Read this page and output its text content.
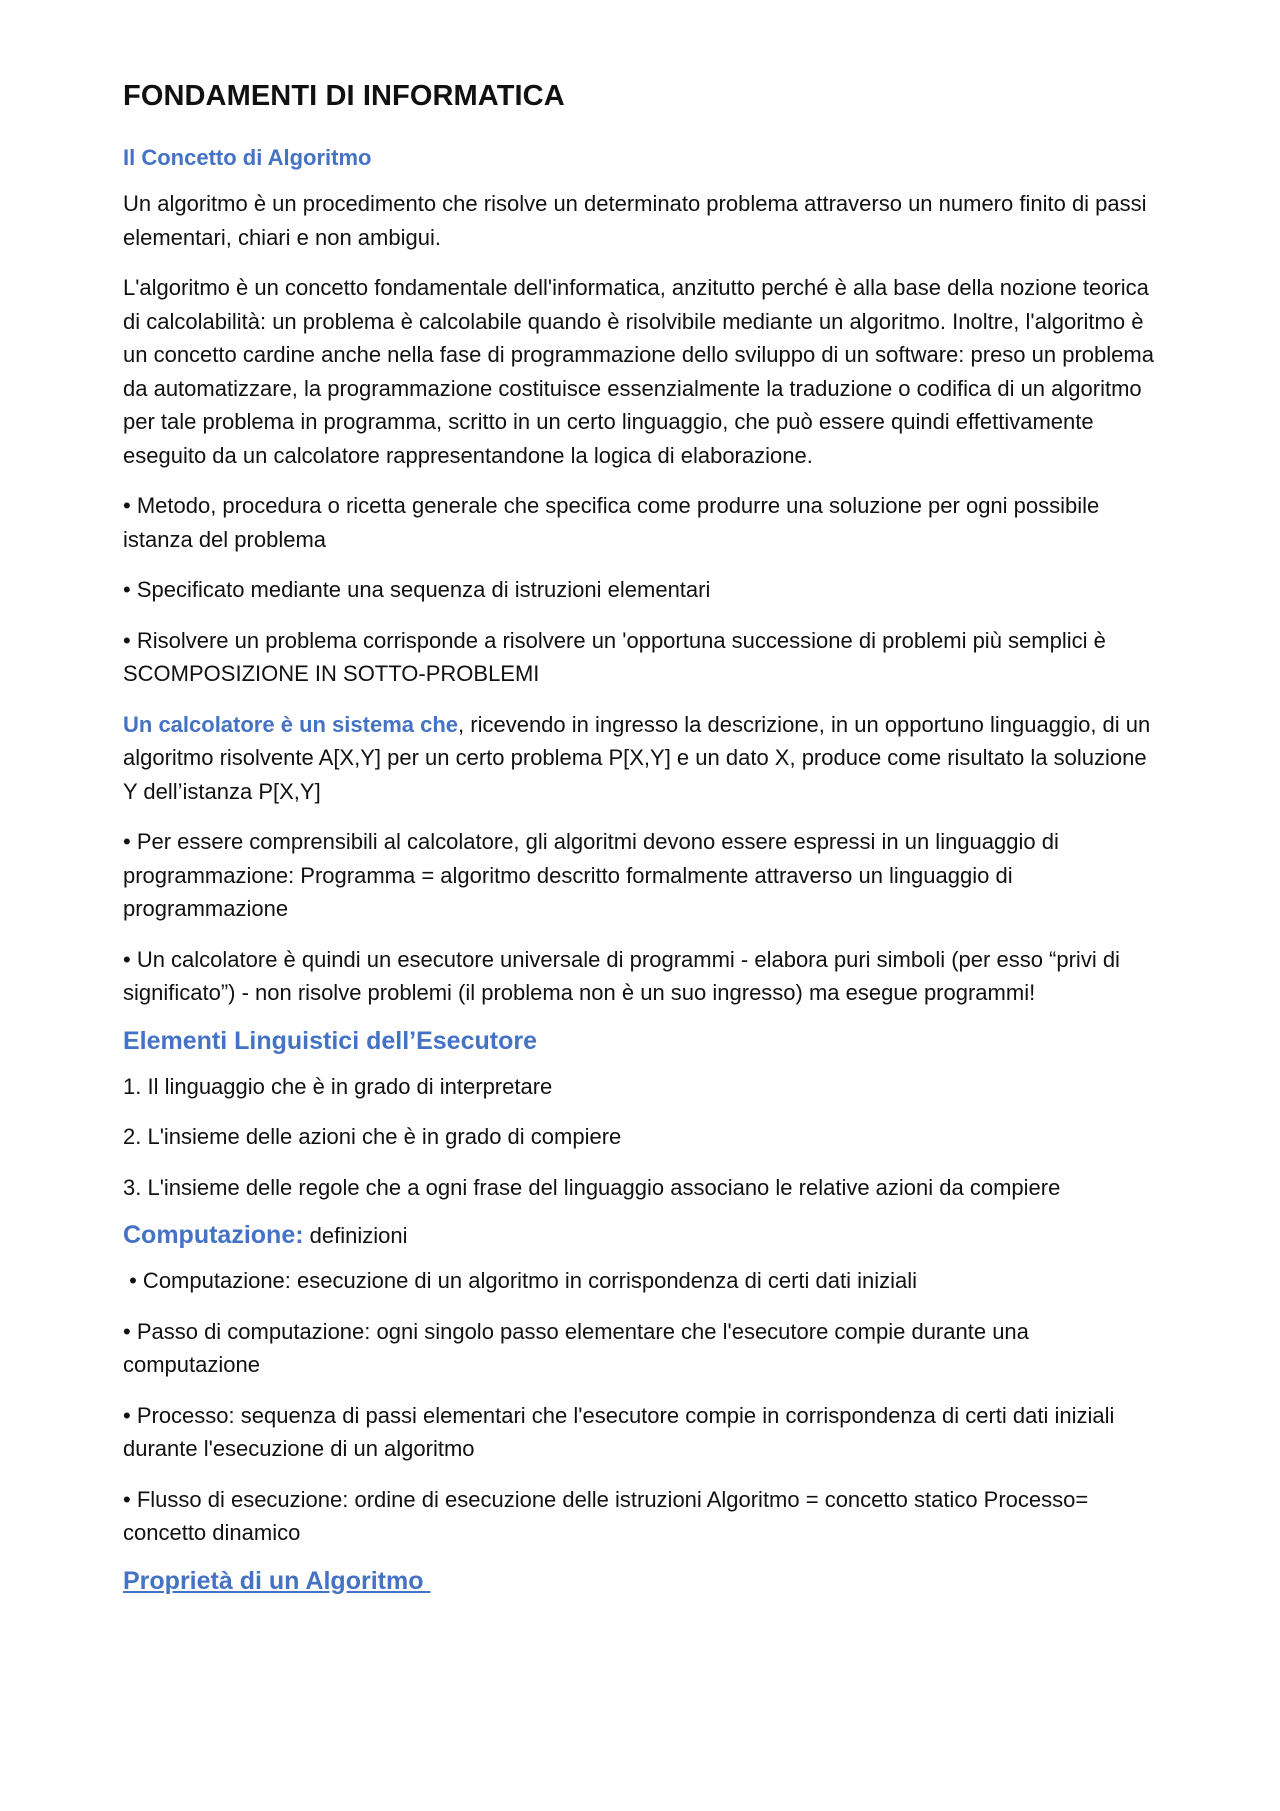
FONDAMENTI DI INFORMATICA
Il Concetto di Algoritmo

Un algoritmo è un procedimento che risolve un determinato problema attraverso un numero finito di passi elementari, chiari e non ambigui.

L'algoritmo è un concetto fondamentale dell'informatica, anzitutto perché è alla base della nozione teorica di calcolabilità: un problema è calcolabile quando è risolvibile mediante un algoritmo. Inoltre, l'algoritmo è un concetto cardine anche nella fase di programmazione dello sviluppo di un software: preso un problema da automatizzare, la programmazione costituisce essenzialmente la traduzione o codifica di un algoritmo per tale problema in programma, scritto in un certo linguaggio, che può essere quindi effettivamente eseguito da un calcolatore rappresentandone la logica di elaborazione.

• Metodo, procedura o ricetta generale che specifica come produrre una soluzione per ogni possibile istanza del problema

• Specificato mediante una sequenza di istruzioni elementari

• Risolvere un problema corrisponde a risolvere un 'opportuna successione di problemi più semplici è SCOMPOSIZIONE IN SOTTO-PROBLEMI

Un calcolatore è un sistema che, ricevendo in ingresso la descrizione, in un opportuno linguaggio, di un algoritmo risolvente A[X,Y] per un certo problema P[X,Y] e un dato X, produce come risultato la soluzione Y dell’istanza P[X,Y]

• Per essere comprensibili al calcolatore, gli algoritmi devono essere espressi in un linguaggio di programmazione: Programma = algoritmo descritto formalmente attraverso un linguaggio di programmazione

• Un calcolatore è quindi un esecutore universale di programmi - elabora puri simboli (per esso “privi di significato”) - non risolve problemi (il problema non è un suo ingresso) ma esegue programmi!

Elementi Linguistici dell’Esecutore

1. Il linguaggio che è in grado di interpretare

2. L'insieme delle azioni che è in grado di compiere

3. L'insieme delle regole che a ogni frase del linguaggio associano le relative azioni da compiere

Computazione: definizioni

• Computazione: esecuzione di un algoritmo in corrispondenza di certi dati iniziali

• Passo di computazione: ogni singolo passo elementare che l'esecutore compie durante una computazione

• Processo: sequenza di passi elementari che l'esecutore compie in corrispondenza di certi dati iniziali durante l'esecuzione di un algoritmo

• Flusso di esecuzione: ordine di esecuzione delle istruzioni Algoritmo = concetto statico Processo= concetto dinamico

Proprietà di un Algoritmo
